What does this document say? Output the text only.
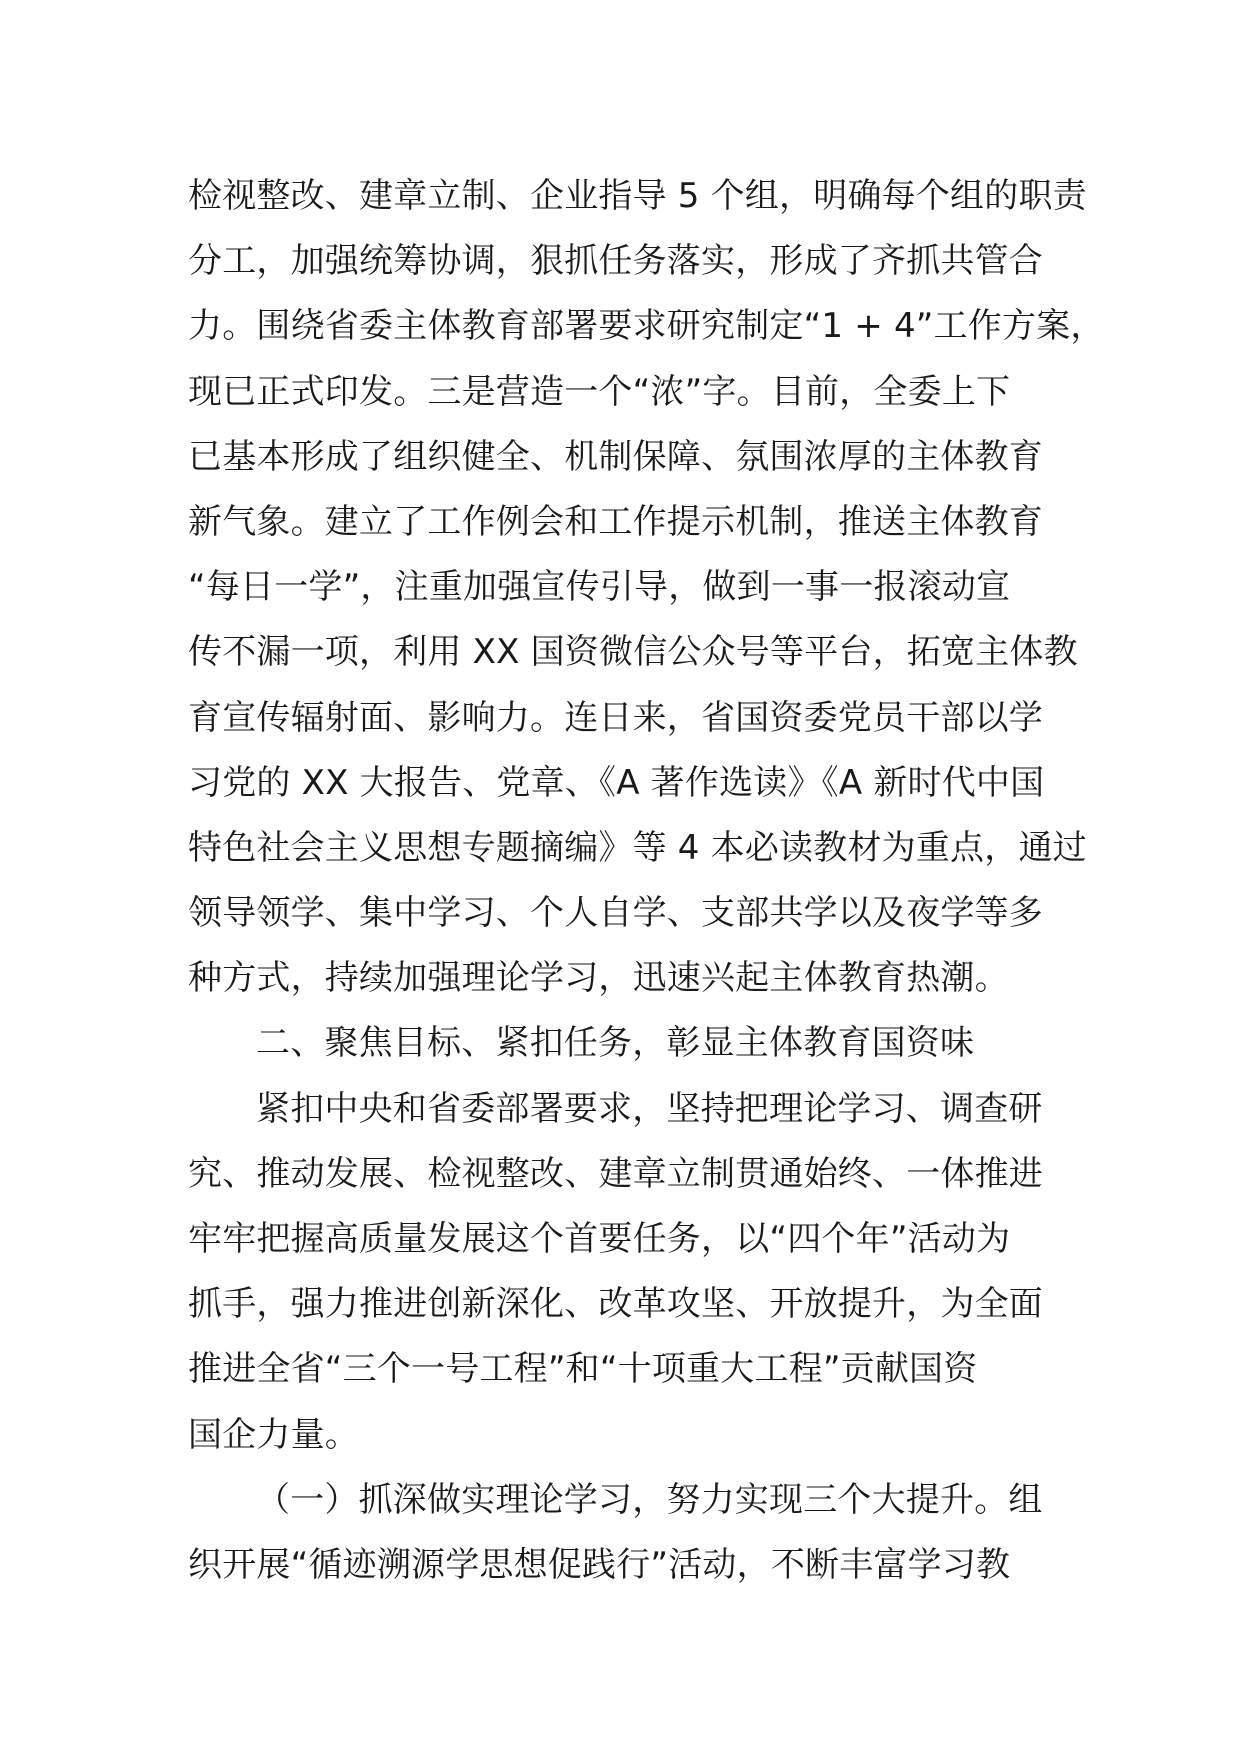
检视整改、建章立制、企业指导 5 个组，明确每个组的职责
分工，加强统筹协调，狠抓任务落实，形成了齐抓共管合
力。围绕省委主体教育部署要求研究制定“1 + 4”工作方案，
现已正式印发。三是营造一个“浓”字。目前，全委上下
已基本形成了组织健全、机制保障、氛围浓厚的主体教育
新气象。建立了工作例会和工作提示机制，推送主体教育
“每日一学”，注重加强宣传引导，做到一事一报滚动宣
传不漏一项，利用 XX 国资微信公众号等平台，拓宽主体教
育宣传辐射面、影响力。连日来，省国资委党员干部以学
习党的 XX 大报告、党章、《A 著作选读》《A 新时代中国
特色社会主义思想专题摘编》等 4 本必读教材为重点，通过
领导领学、集中学习、个人自学、支部共学以及夜学等多
种方式，持续加强理论学习，迅速兴起主体教育热潮。
二、聚焦目标、紧扣任务，彰显主体教育国资味
紧扣中央和省委部署要求，坚持把理论学习、调查研
究、推动发展、检视整改、建章立制贯通始终、一体推进
牢牢把握高质量发展这个首要任务，以“四个年”活动为
抓手，强力推进创新深化、改革攻坚、开放提升，为全面
推进全省“三个一号工程”和“十项重大工程”贡献国资
国企力量。
（一）抓深做实理论学习，努力实现三个大提升。组
织开展“循迹溯源学思想促践行”活动，不断丰富学习教
